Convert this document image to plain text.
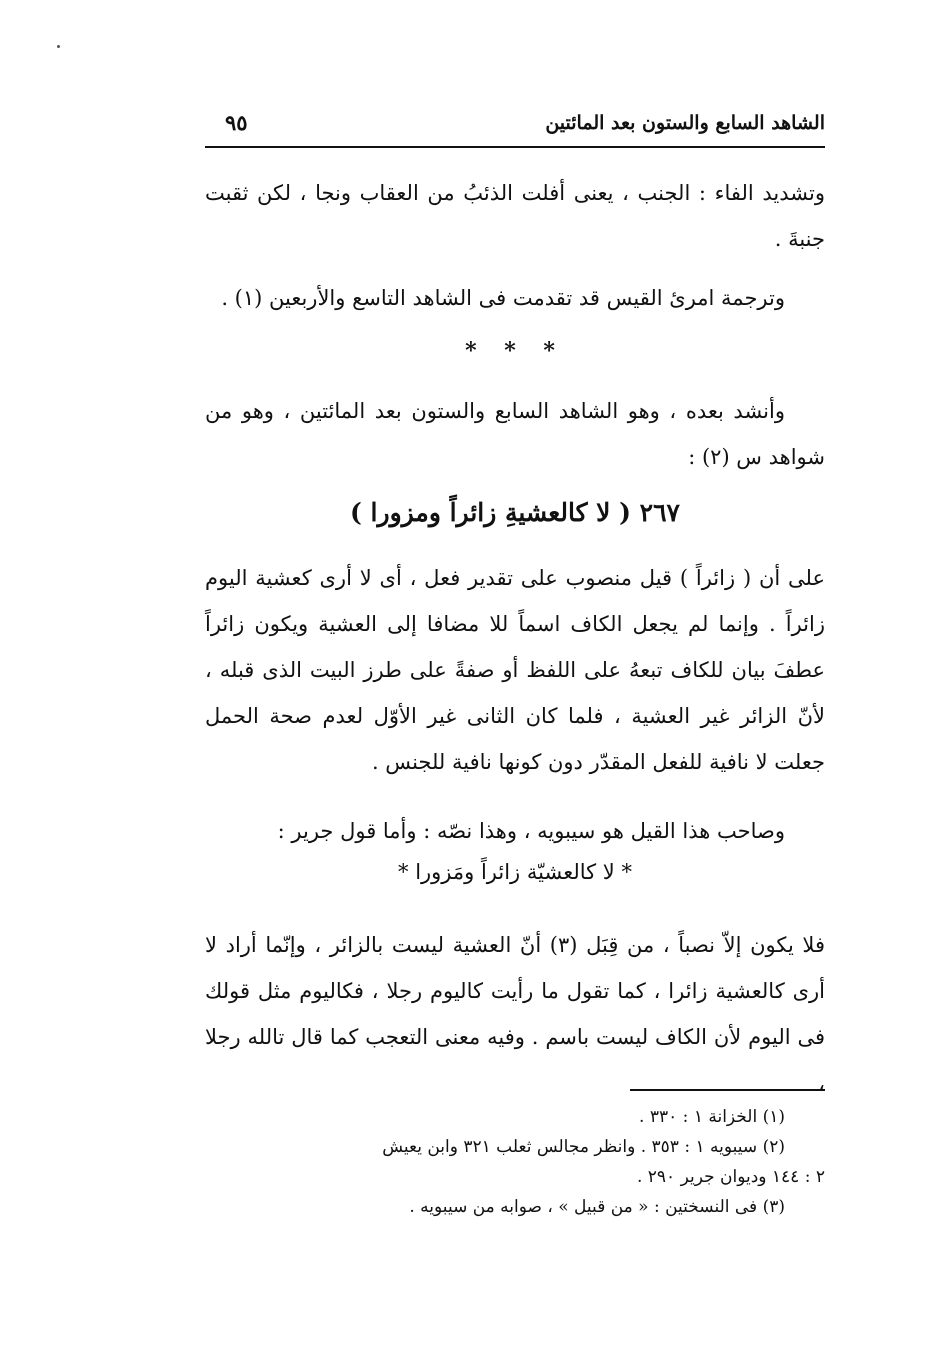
الشاهد السابع والستون بعد المائتين
٩٥

وتشديد الفاء : الجنب ، يعنى أفلت الذئبُ من العقاب ونجا ، لكن ثقبت جنبةَ .

وترجمة امرئ القيس قد تقدمت فى الشاهد التاسع والأربعين (١) .

* * *

وأنشد بعده ، وهو الشاهد السابع والستون بعد المائتين ، وهو من شواهد س (٢) :

٢٦٧ ( لا كالعشيةِ زائراً ومزورا )

على أن ( زائراً ) قيل منصوب على تقدير فعل ، أى لا أرى كعشية اليوم زائراً . وإنما لم يجعل الكاف اسماً للا مضافا إلى العشية ويكون زائراً عطفَ بيان للكاف تبعهُ على اللفظ أو صفةً على طرز البيت الذى قبله ، لأنّ الزائر غير العشية ، فلما كان الثانى غير الأوّل لعدم صحة الحمل جعلت لا نافية للفعل المقدّر دون كونها نافية للجنس .

وصاحب هذا القيل هو سيبويه ، وهذا نصّه : وأما قول جرير :

* لا كالعشيّة زائراً ومَزورا *

فلا يكون إلاّ نصباً ، من قِبَل (٣) أنّ العشية ليست بالزائر ، وإنّما أراد لا أرى كالعشية زائرا ، كما تقول ما رأيت كاليوم رجلا ، فكاليوم مثل قولك فى اليوم لأن الكاف ليست باسم . وفيه معنى التعجب كما قال تالله رجلا ،

(١) الخزانة ١ : ٣٣٠ .

(٢) سيبويه ١ : ٣٥٣ . وانظر مجالس ثعلب ٣٢١ وابن يعيش

٢ : ١٤٤ وديوان جرير ٢٩٠ .

(٣) فى النسختين : « من قبيل » ، صوابه من سيبويه .
